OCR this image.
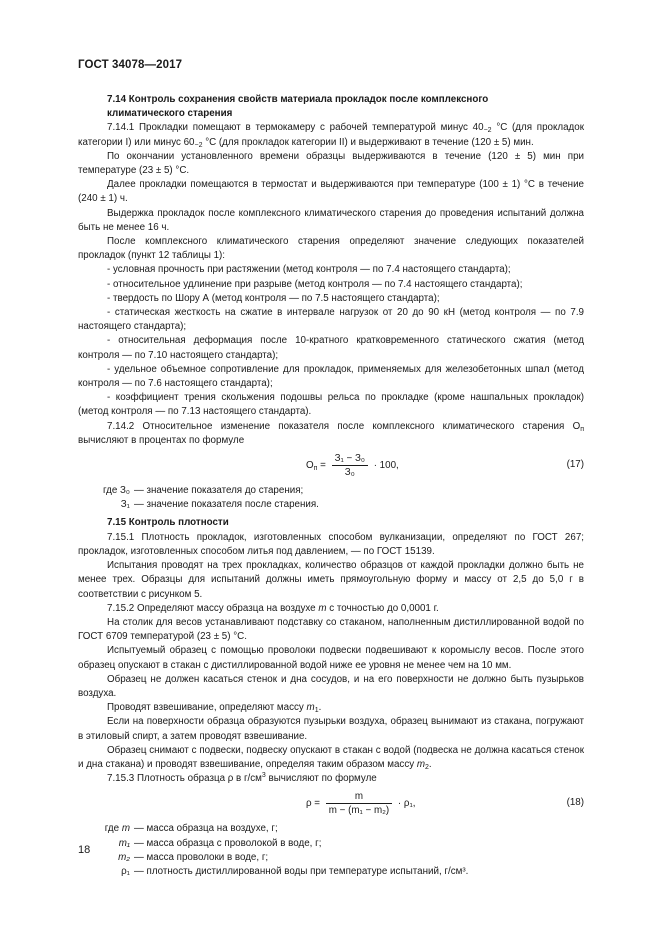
ГОСТ 34078—2017

7.14 Контроль сохранения свойств материала прокладок после комплексного
климатического старения

7.14.1 Прокладки помещают в термокамеру с рабочей температурой минус $40_{-2}$ °С (для прокладок категории I) или минус $60_{-2}$ °С (для прокладок категории II) и выдерживают в течение (120 ± 5) мин.

По окончании установленного времени образцы выдерживаются в течение (120 ± 5) мин при температуре (23 ± 5) °С.

Далее прокладки помещаются в термостат и выдерживаются при температуре (100 ± 1) °С в течение (240 ± 1) ч.

Выдержка прокладок после комплексного климатического старения до проведения испытаний должна быть не менее 16 ч.

После комплексного климатического старения определяют значение следующих показателей прокладок (пункт 12 таблицы 1):

- условная прочность при растяжении (метод контроля — по 7.4 настоящего стандарта);

- относительное удлинение при разрыве (метод контроля — по 7.4 настоящего стандарта);

- твердость по Шору А (метод контроля — по 7.5 настоящего стандарта);

- статическая жесткость на сжатие в интервале нагрузок от 20 до 90 кН (метод контроля — по 7.9 настоящего стандарта);

- относительная деформация после 10-кратного кратковременного статического сжатия (метод контроля — по 7.10 настоящего стандарта);

- удельное объемное сопротивление для прокладок, применяемых для железобетонных шпал (метод контроля — по 7.6 настоящего стандарта);

- коэффициент трения скольжения подошвы рельса по прокладке (кроме нашпальных прокладок) (метод контроля — по 7.13 настоящего стандарта).

7.14.2 Относительное изменение показателя после комплексного климатического старения $О_п$ вычисляют в процентах по формуле

$О_п = \frac{\text{З₁ − З₀}}{\text{З₀}} \cdot 100$,	(17)
где З₀ — значение показателя до старения;
З₁ — значение показателя после старения.

7.15 Контроль плотности

7.15.1 Плотность прокладок, изготовленных способом вулканизации, определяют по ГОСТ 267; прокладок, изготовленных способом литья под давлением, — по ГОСТ 15139.

Испытания проводят на трех прокладках, количество образцов от каждой прокладки должно быть не менее трех. Образцы для испытаний должны иметь прямоугольную форму и массу от 2,5 до 5,0 г в соответствии с рисунком 5.

7.15.2 Определяют массу образца на воздухе m с точностью до 0,0001 г.

На столик для весов устанавливают подставку со стаканом, наполненным дистиллированной водой по ГОСТ 6709 температурой (23 ± 5) °С.

Испытуемый образец с помощью проволоки подвески подвешивают к коромыслу весов. После этого образец опускают в стакан с дистиллированной водой ниже ее уровня не менее чем на 10 мм.

Образец не должен касаться стенок и дна сосудов, и на его поверхности не должно быть пузырьков воздуха.

Проводят взвешивание, определяют массу $m_1$.

Если на поверхности образца образуются пузырьки воздуха, образец вынимают из стакана, погружают в этиловый спирт, а затем проводят взвешивание.

Образец снимают с подвески, подвеску опускают в стакан с водой (подвеска не должна касаться стенок и дна стакана) и проводят взвешивание, определяя таким образом массу $m_2$.

7.15.3 Плотность образца ρ в $г/см^3$ вычисляют по формуле

$\rho = \frac{m}{\text{m − (m₁ − m₂)}} \cdot \rho_1$,	(18)
где m — масса образца на воздухе, г;
m₁ — масса образца с проволокой в воде, г;
m₂ — масса проволоки в воде, г;
ρ₁ — плотность дистиллированной воды при температуре испытаний, г/см³.
18
